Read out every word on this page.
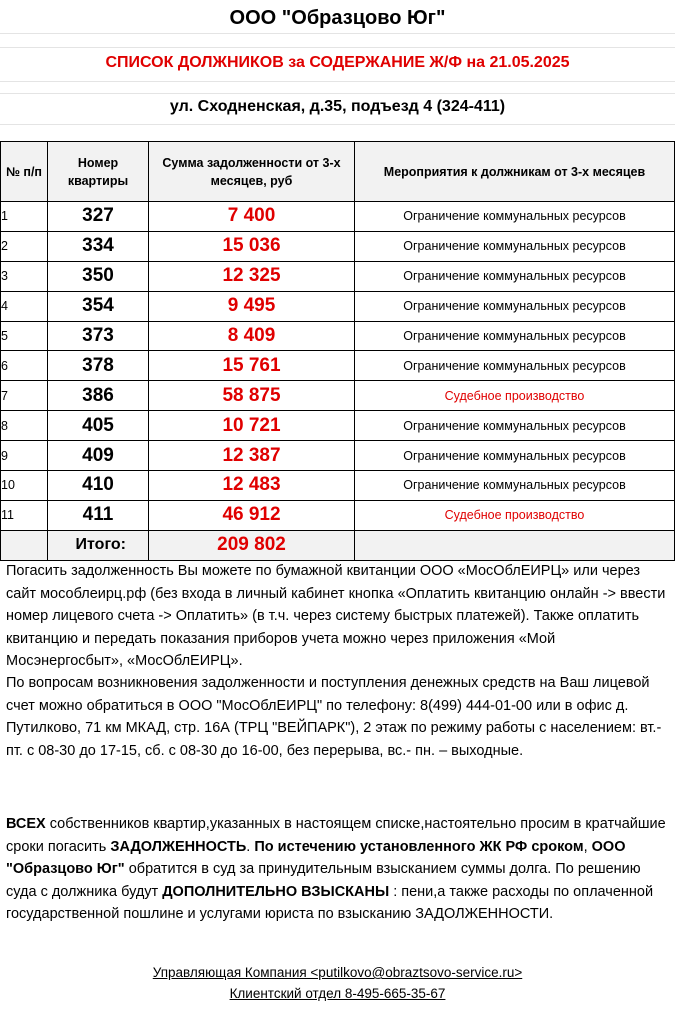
ООО "Образцово Юг"
СПИСОК ДОЛЖНИКОВ за СОДЕРЖАНИЕ Ж/Ф на 21.05.2025
ул. Сходненская, д.35, подъезд 4 (324-411)
№ п/п	Номер квартиры	Сумма задолженности от 3-х месяцев, руб	Мероприятия к должникам от 3-х месяцев
1	327	7 400	Ограничение коммунальных ресурсов
2	334	15 036	Ограничение коммунальных ресурсов
3	350	12 325	Ограничение коммунальных ресурсов
4	354	9 495	Ограничение коммунальных ресурсов
5	373	8 409	Ограничение коммунальных ресурсов
6	378	15 761	Ограничение коммунальных ресурсов
7	386	58 875	Судебное производство
8	405	10 721	Ограничение коммунальных ресурсов
9	409	12 387	Ограничение коммунальных ресурсов
10	410	12 483	Ограничение коммунальных ресурсов
11	411	46 912	Судебное производство
	Итого:	209 802	
Погасить задолженность Вы можете по бумажной квитанции ООО «МосОблЕИРЦ» или через сайт мособлеирц.рф (без входа в личный кабинет кнопка «Оплатить квитанцию онлайн -> ввести номер лицевого счета -> Оплатить» (в т.ч. через систему быстрых платежей). Также оплатить квитанцию и передать показания приборов учета можно через приложения «Мой Мосэнергосбыт», «МосОблЕИРЦ».
По вопросам возникновения задолженности и поступления денежных средств на Ваш лицевой счет можно обратиться в ООО "МосОблЕИРЦ" по телефону: 8(499) 444-01-00 или в офис д. Путилково, 71 км МКАД, стр. 16А (ТРЦ "ВЕЙПАРК"), 2 этаж по режиму работы с населением: вт.-пт. с 08-30 до 17-15, сб. с 08-30 до 16-00, без перерыва, вс.- пн. – выходные.
ВСЕХ собственников квартир,указанных в настоящем списке,настоятельно просим в кратчайшие сроки погасить ЗАДОЛЖЕННОСТЬ. По истечению установленного ЖК РФ сроком, ООО "Образцово Юг" обратится в суд за принудительным взысканием суммы долга. По решению суда с должника будут ДОПОЛНИТЕЛЬНО ВЗЫСКАНЫ : пени,а также расходы по оплаченной государственной пошлине и услугами юриста по взысканию ЗАДОЛЖЕННОСТИ.
Управляющая Компания <putilkovo@obraztsovo-service.ru>
Клиентский отдел 8-495-665-35-67
